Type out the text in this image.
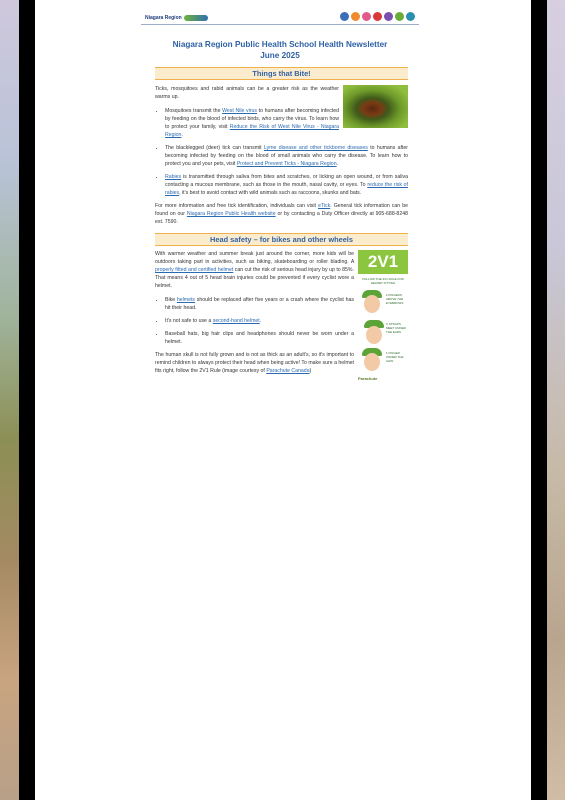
Niagara Region
Niagara Region Public Health School Health Newsletter
June 2025
Things that Bite!

Ticks, mosquitoes and rabid animals can be a greater risk as the weather warms up.

• Mosquitoes transmit the West Nile virus to humans after becoming infected by feeding on the blood of infected birds, who carry the virus. To learn how to protect your family, visit Reduce the Risk of West Nile Virus - Niagara Region.
• The blacklegged (deer) tick can transmit Lyme disease and other tickborne diseases to humans after becoming infected by feeding on the blood of small animals who carry the disease. To learn how to protect you and your pets, visit Protect and Prevent Ticks - Niagara Region.
• Rabies is transmitted through saliva from bites and scratches, or licking an open wound, or from saliva contacting a mucous membrane, such as those in the mouth, nasal cavity, or eyes. To reduce the risk of rabies, it's best to avoid contact with wild animals such as raccoons, skunks and bats.

For more information and free tick identification, individuals can visit eTick. General tick information can be found on our Niagara Region Public Health website or by contacting a Duty Officer directly at 905-688-8248 ext. 7590.

Head safety – for bikes and other wheels
2V1
FOLLOW THE 2V1 RULE FOR HELMET FITTING
2 FINGERS ABOVE THE EYEBROWS
V STRAPS MEET UNDER THE EARS
1 FINGER UNDER THE CHIN
Parachute

With warmer weather and summer break just around the corner, more kids will be outdoors taking part in activities, such as biking, skateboarding or roller blading. A properly fitted and certified helmet can cut the risk of serious head injury by up to 85%. That means 4 out of 5 head brain injuries could be prevented if every cyclist wore a helmet.

• Bike helmets should be replaced after five years or a crash where the cyclist has hit their head.
• It's not safe to use a second-hand helmet.
• Baseball hats, big hair clips and headphones should never be worn under a helmet.

The human skull is not fully grown and is not as thick as an adult's, so it's important to remind children to always protect their head when being active! To make sure a helmet fits right, follow the 2V1 Rule (image courtesy of Parachute Canada)
